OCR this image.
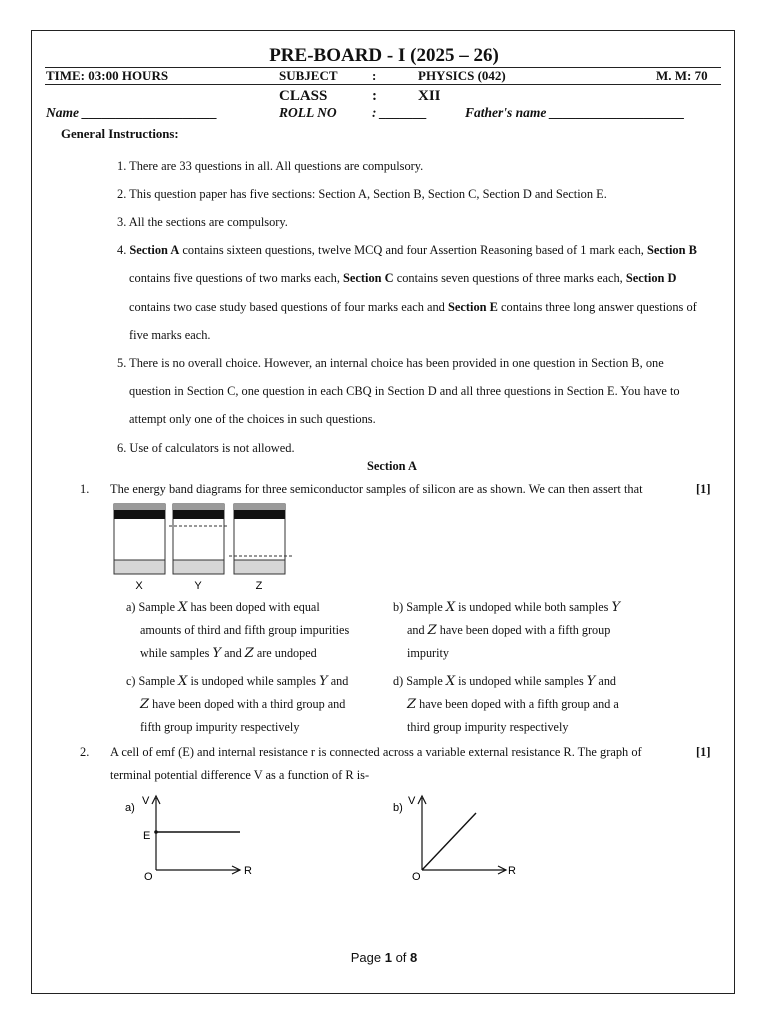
PRE-BOARD - I (2025 – 26)
TIME: 03:00 HOURS	SUBJECT	:	PHYSICS (042)	M. M: 70
CLASS	:	XII
Name ____________________	ROLL NO	: _______	Father's name ____________________
General Instructions:
1. There are 33 questions in all. All questions are compulsory.
2. This question paper has five sections: Section A, Section B, Section C, Section D and Section E.
3. All the sections are compulsory.
4. Section A contains sixteen questions, twelve MCQ and four Assertion Reasoning based of 1 mark each, Section B
contains five questions of two marks each, Section C contains seven questions of three marks each, Section D
contains two case study based questions of four marks each and Section E contains three long answer questions of
five marks each.
5. There is no overall choice. However, an internal choice has been provided in one question in Section B, one
question in Section C, one question in each CBQ in Section D and all three questions in Section E. You have to
attempt only one of the choices in such questions.
6. Use of calculators is not allowed.
Section A
1. The energy band diagrams for three semiconductor samples of silicon are as shown. We can then assert that	[1]
X	Y	Z
a) Sample X has been doped with equal
amounts of third and fifth group impurities
while samples Y and Z are undoped
b) Sample X is undoped while both samples Y
and Z have been doped with a fifth group
impurity
c) Sample X is undoped while samples Y and
Z have been doped with a third group and
fifth group impurity respectively
d) Sample X is undoped while samples Y and
Z have been doped with a fifth group and a
third group impurity respectively
2. A cell of emf (E) and internal resistance r is connected across a variable external resistance R. The graph of	[1]
terminal potential difference V as a function of R is-
a)
V
R
O
E
b)
V
R
O
Page 1 of 8
